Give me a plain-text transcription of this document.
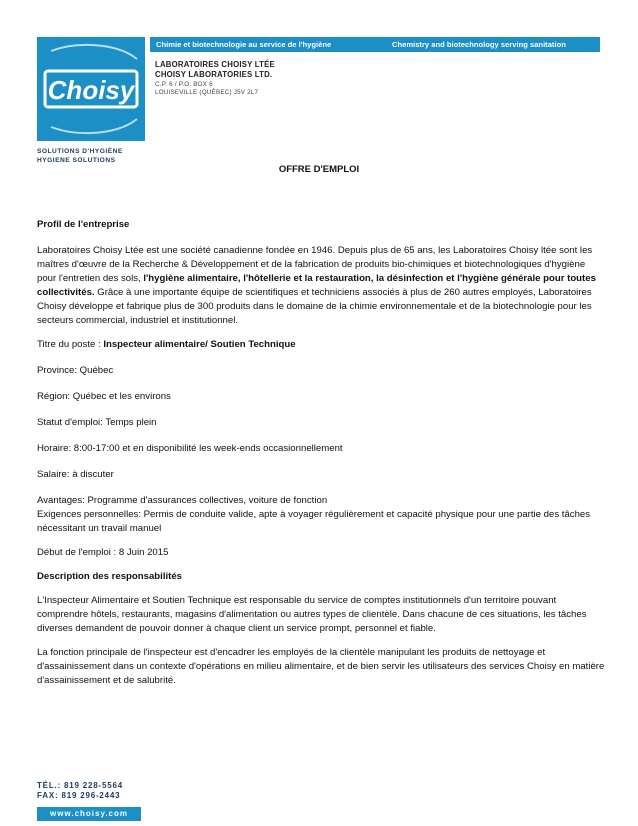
Chimie et biotechnologie au service de l'hygiène	Chemistry and biotechnology serving sanitation
Choisy
LABORATOIRES CHOISY LTÉE
CHOISY LABORATORIES LTD.
C.P. 6 / P.O. BOX 6
LOUISEVILLE (QUÉBEC) J5V 2L7
SOLUTIONS D'HYGIÈNE
HYGIENE SOLUTIONS
OFFRE D'EMPLOI

Profil de l'entreprise

Laboratoires Choisy Ltée est une société canadienne fondée en 1946. Depuis plus de 65 ans, les Laboratoires Choisy ltée sont les maîtres d'œuvre de la Recherche & Développement et de la fabrication de produits bio-chimiques et biotechnologiques d'hygiène pour l'entretien des sols, l'hygiène alimentaire, l'hôtellerie et la restauration, la désinfection et l'hygiène générale pour toutes collectivités. Grâce à une importante équipe de scientifiques et techniciens associés à plus de 260 autres employés, Laboratoires Choisy développe et fabrique plus de 300 produits dans le domaine de la chimie environnementale et de la biotechnologie pour les secteurs commercial, industriel et institutionnel.

Titre du poste : Inspecteur alimentaire/ Soutien Technique

Province: Québec

Région: Québec et les environs

Statut d'emploi: Temps plein

Horaire: 8:00-17:00 et en disponibilité les week-ends occasionnellement

Salaire: à discuter

Avantages: Programme d'assurances collectives, voiture de fonction

Exigences personnelles: Permis de conduite valide, apte à voyager régulièrement et capacité physique pour une partie des tâches nécessitant un travail manuel

Début de l'emploi : 8 Juin 2015

Description des responsabilités

L'Inspecteur Alimentaire et Soutien Technique est responsable du service de comptes institutionnels d'un territoire pouvant comprendre hôtels, restaurants, magasins d'alimentation ou autres types de clientèle. Dans chacune de ces situations, les tâches diverses demandent de pouvoir donner à chaque client un service prompt, personnel et fiable.

La fonction principale de l'inspecteur est d'encadrer les employés de la clientèle manipulant les produits de nettoyage et d'assainissement dans un contexte d'opérations en milieu alimentaire, et de bien servir les utilisateurs des services Choisy en matière d'assainissement et de salubrité.

TÉL.: 819 228-5564
FAX: 819 296-2443
www.choisy.com
